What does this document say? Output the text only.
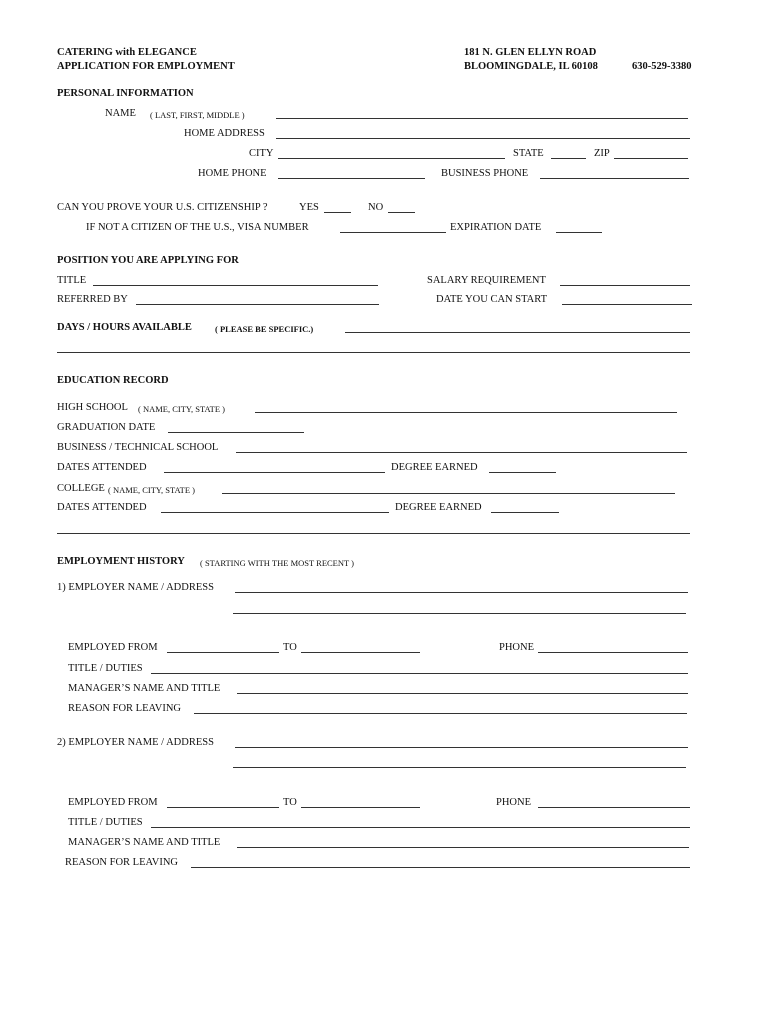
CATERING with ELEGANCE
APPLICATION FOR EMPLOYMENT
181 N. GLEN ELLYN ROAD
BLOOMINGDALE, IL 60108	630-529-3380
PERSONAL INFORMATION
NAME ( LAST, FIRST, MIDDLE )
HOME ADDRESS
CITY	STATE	ZIP
HOME PHONE	BUSINESS PHONE
CAN YOU PROVE YOUR U.S. CITIZENSHIP ?	YES	NO
IF NOT A CITIZEN OF THE U.S., VISA NUMBER	EXPIRATION DATE
POSITION YOU ARE APPLYING FOR
TITLE	SALARY REQUIREMENT
REFERRED BY	DATE YOU CAN START
DAYS / HOURS AVAILABLE	( PLEASE BE SPECIFIC.)
EDUCATION RECORD
HIGH SCHOOL ( NAME, CITY, STATE )
GRADUATION DATE
BUSINESS / TECHNICAL SCHOOL
DATES ATTENDED	DEGREE EARNED
COLLEGE ( NAME, CITY, STATE )
DATES ATTENDED	DEGREE EARNED
EMPLOYMENT HISTORY ( STARTING WITH THE MOST RECENT )
1) EMPLOYER NAME / ADDRESS
EMPLOYED FROM	TO	PHONE
TITLE / DUTIES
MANAGER’S NAME AND TITLE
REASON FOR LEAVING
2) EMPLOYER NAME / ADDRESS
EMPLOYED FROM	TO	PHONE
TITLE / DUTIES
MANAGER’S NAME AND TITLE
REASON FOR LEAVING
